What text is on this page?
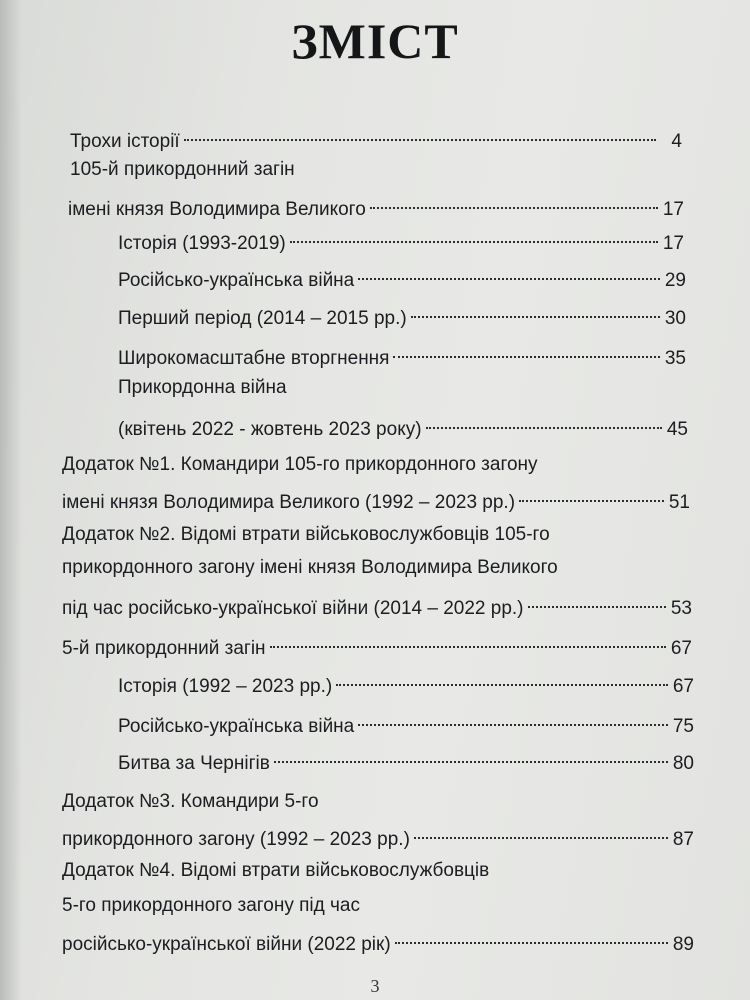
ЗМІСТ
Трохи історії	4
105-й прикордонний загін
імені князя Володимира Великого	17
Історія (1993-2019)	17
Російсько-українська війна	29
Перший період (2014 – 2015 рр.)	30
Широкомасштабне вторгнення	35
Прикордонна війна
(квітень 2022 - жовтень 2023 року)	45
Додаток №1. Командири 105-го прикордонного загону
імені князя Володимира Великого (1992 – 2023 рр.)	51
Додаток №2. Відомі втрати військовослужбовців 105-го
прикордонного загону імені князя Володимира Великого
під час російсько-української війни (2014 – 2022 рр.)	53
5-й прикордонний загін	67
Історія (1992 – 2023 рр.)	67
Російсько-українська війна	75
Битва за Чернігів	80
Додаток №3. Командири 5-го
прикордонного загону (1992 – 2023 рр.)	87
Додаток №4. Відомі втрати військовослужбовців
5-го прикордонного загону під час
російсько-української війни (2022 рік)	89
3
